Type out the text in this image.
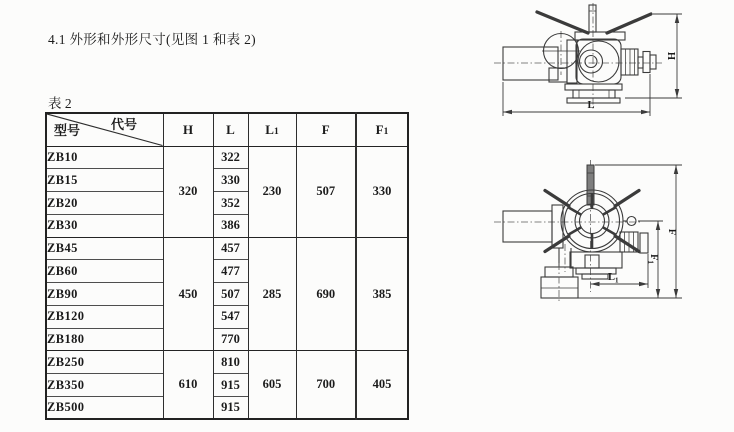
4.1 外形和外形尺寸(见图 1 和表 2)
表 2
代号
型号	H	L	L1	F	F1
ZB10	320	322	230	507	330
ZB15		330			
ZB20		352			
ZB30		386			
ZB45	450	457	285	690	385
ZB60		477			
ZB90		507			
ZB120		547			
ZB180		770			
ZB250	610	810	605	700	405
ZB350		915			
ZB500		915			
L
H
F
$F_1$
$L_1$
